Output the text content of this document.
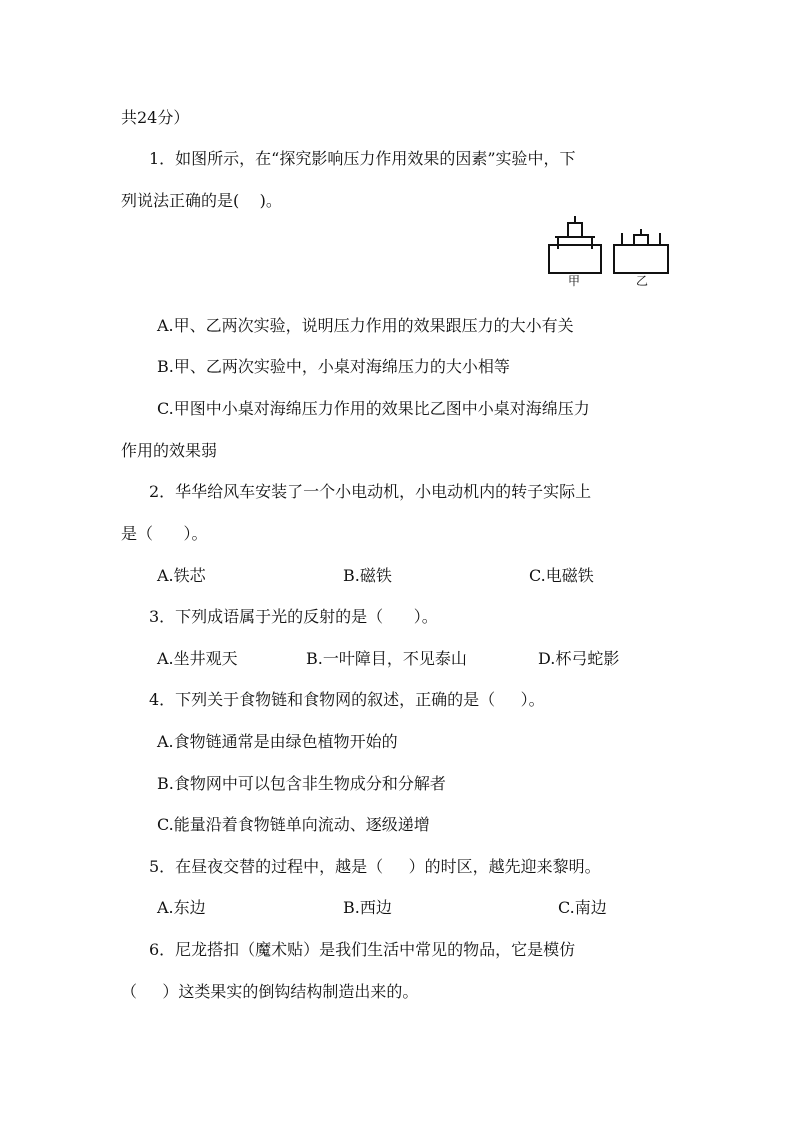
共24分）
1．如图所示，在“探究影响压力作用效果的因素”实验中，下
列说法正确的是(    )。
甲	乙
A.甲、乙两次实验，说明压力作用的效果跟压力的大小有关
B.甲、乙两次实验中，小桌对海绵压力的大小相等
C.甲图中小桌对海绵压力作用的效果比乙图中小桌对海绵压力
作用的效果弱
2．华华给风车安装了一个小电动机，小电动机内的转子实际上
是（      ）。
A.铁芯	B.磁铁	C.电磁铁
3．下列成语属于光的反射的是（      ）。
A.坐井观天	B.一叶障目，不见泰山	D.杯弓蛇影
4．下列关于食物链和食物网的叙述，正确的是（     ）。
A.食物链通常是由绿色植物开始的
B.食物网中可以包含非生物成分和分解者
C.能量沿着食物链单向流动、逐级递增
5．在昼夜交替的过程中，越是（     ）的时区，越先迎来黎明。
A.东边	B.西边	C.南边
6．尼龙搭扣（魔术贴）是我们生活中常见的物品，它是模仿
（     ）这类果实的倒钩结构制造出来的。
